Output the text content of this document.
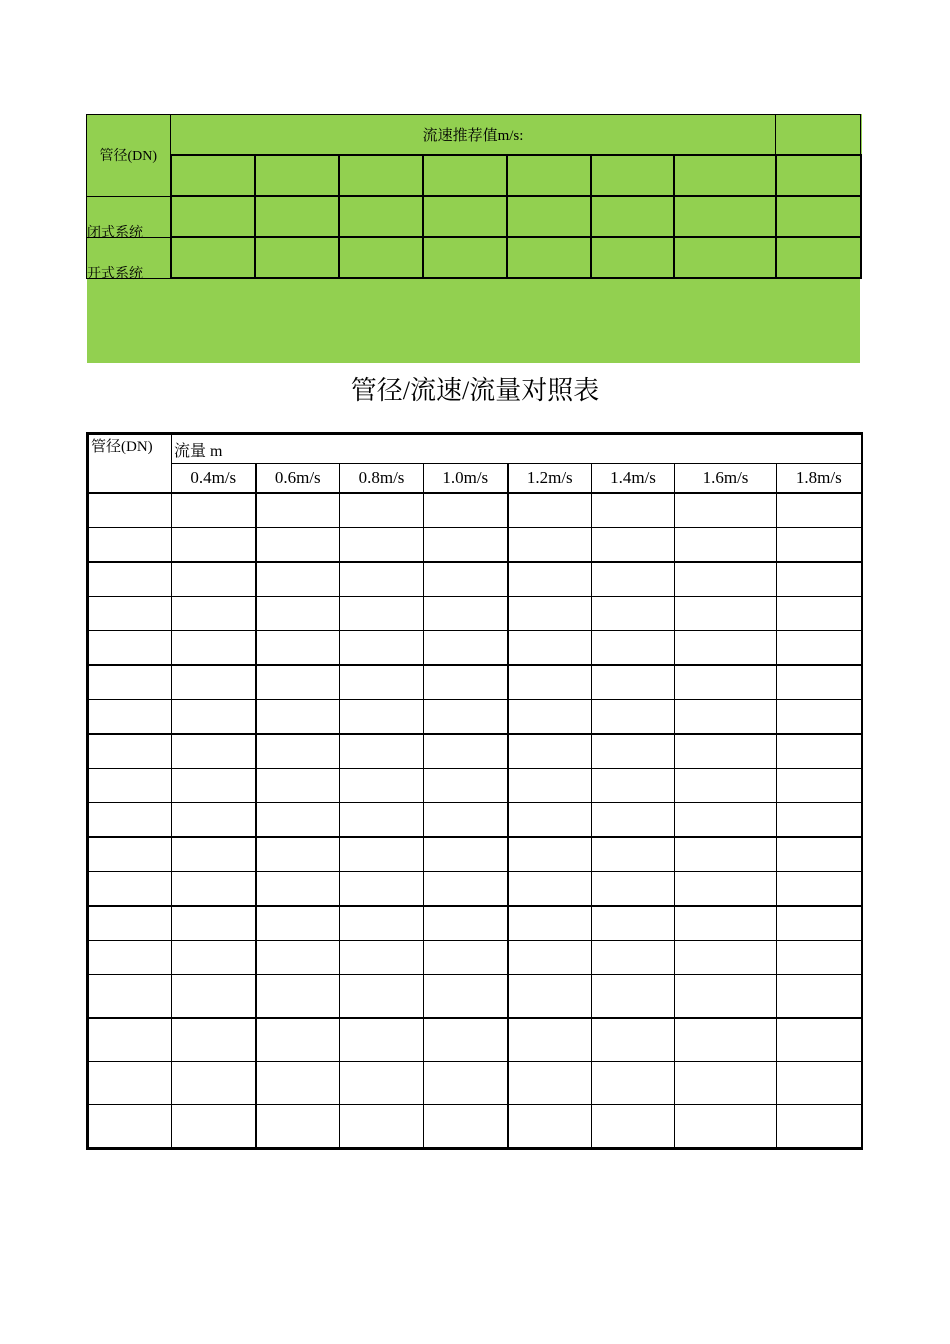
管径(DN)	流速推荐值m/s:							

闭式系统								
开式系统								
管径/流速/流量对照表
管径(DN)	流量 m							
	0.4m/s	0.6m/s	0.8m/s	1.0m/s	1.2m/s	1.4m/s	1.6m/s	1.8m/s
